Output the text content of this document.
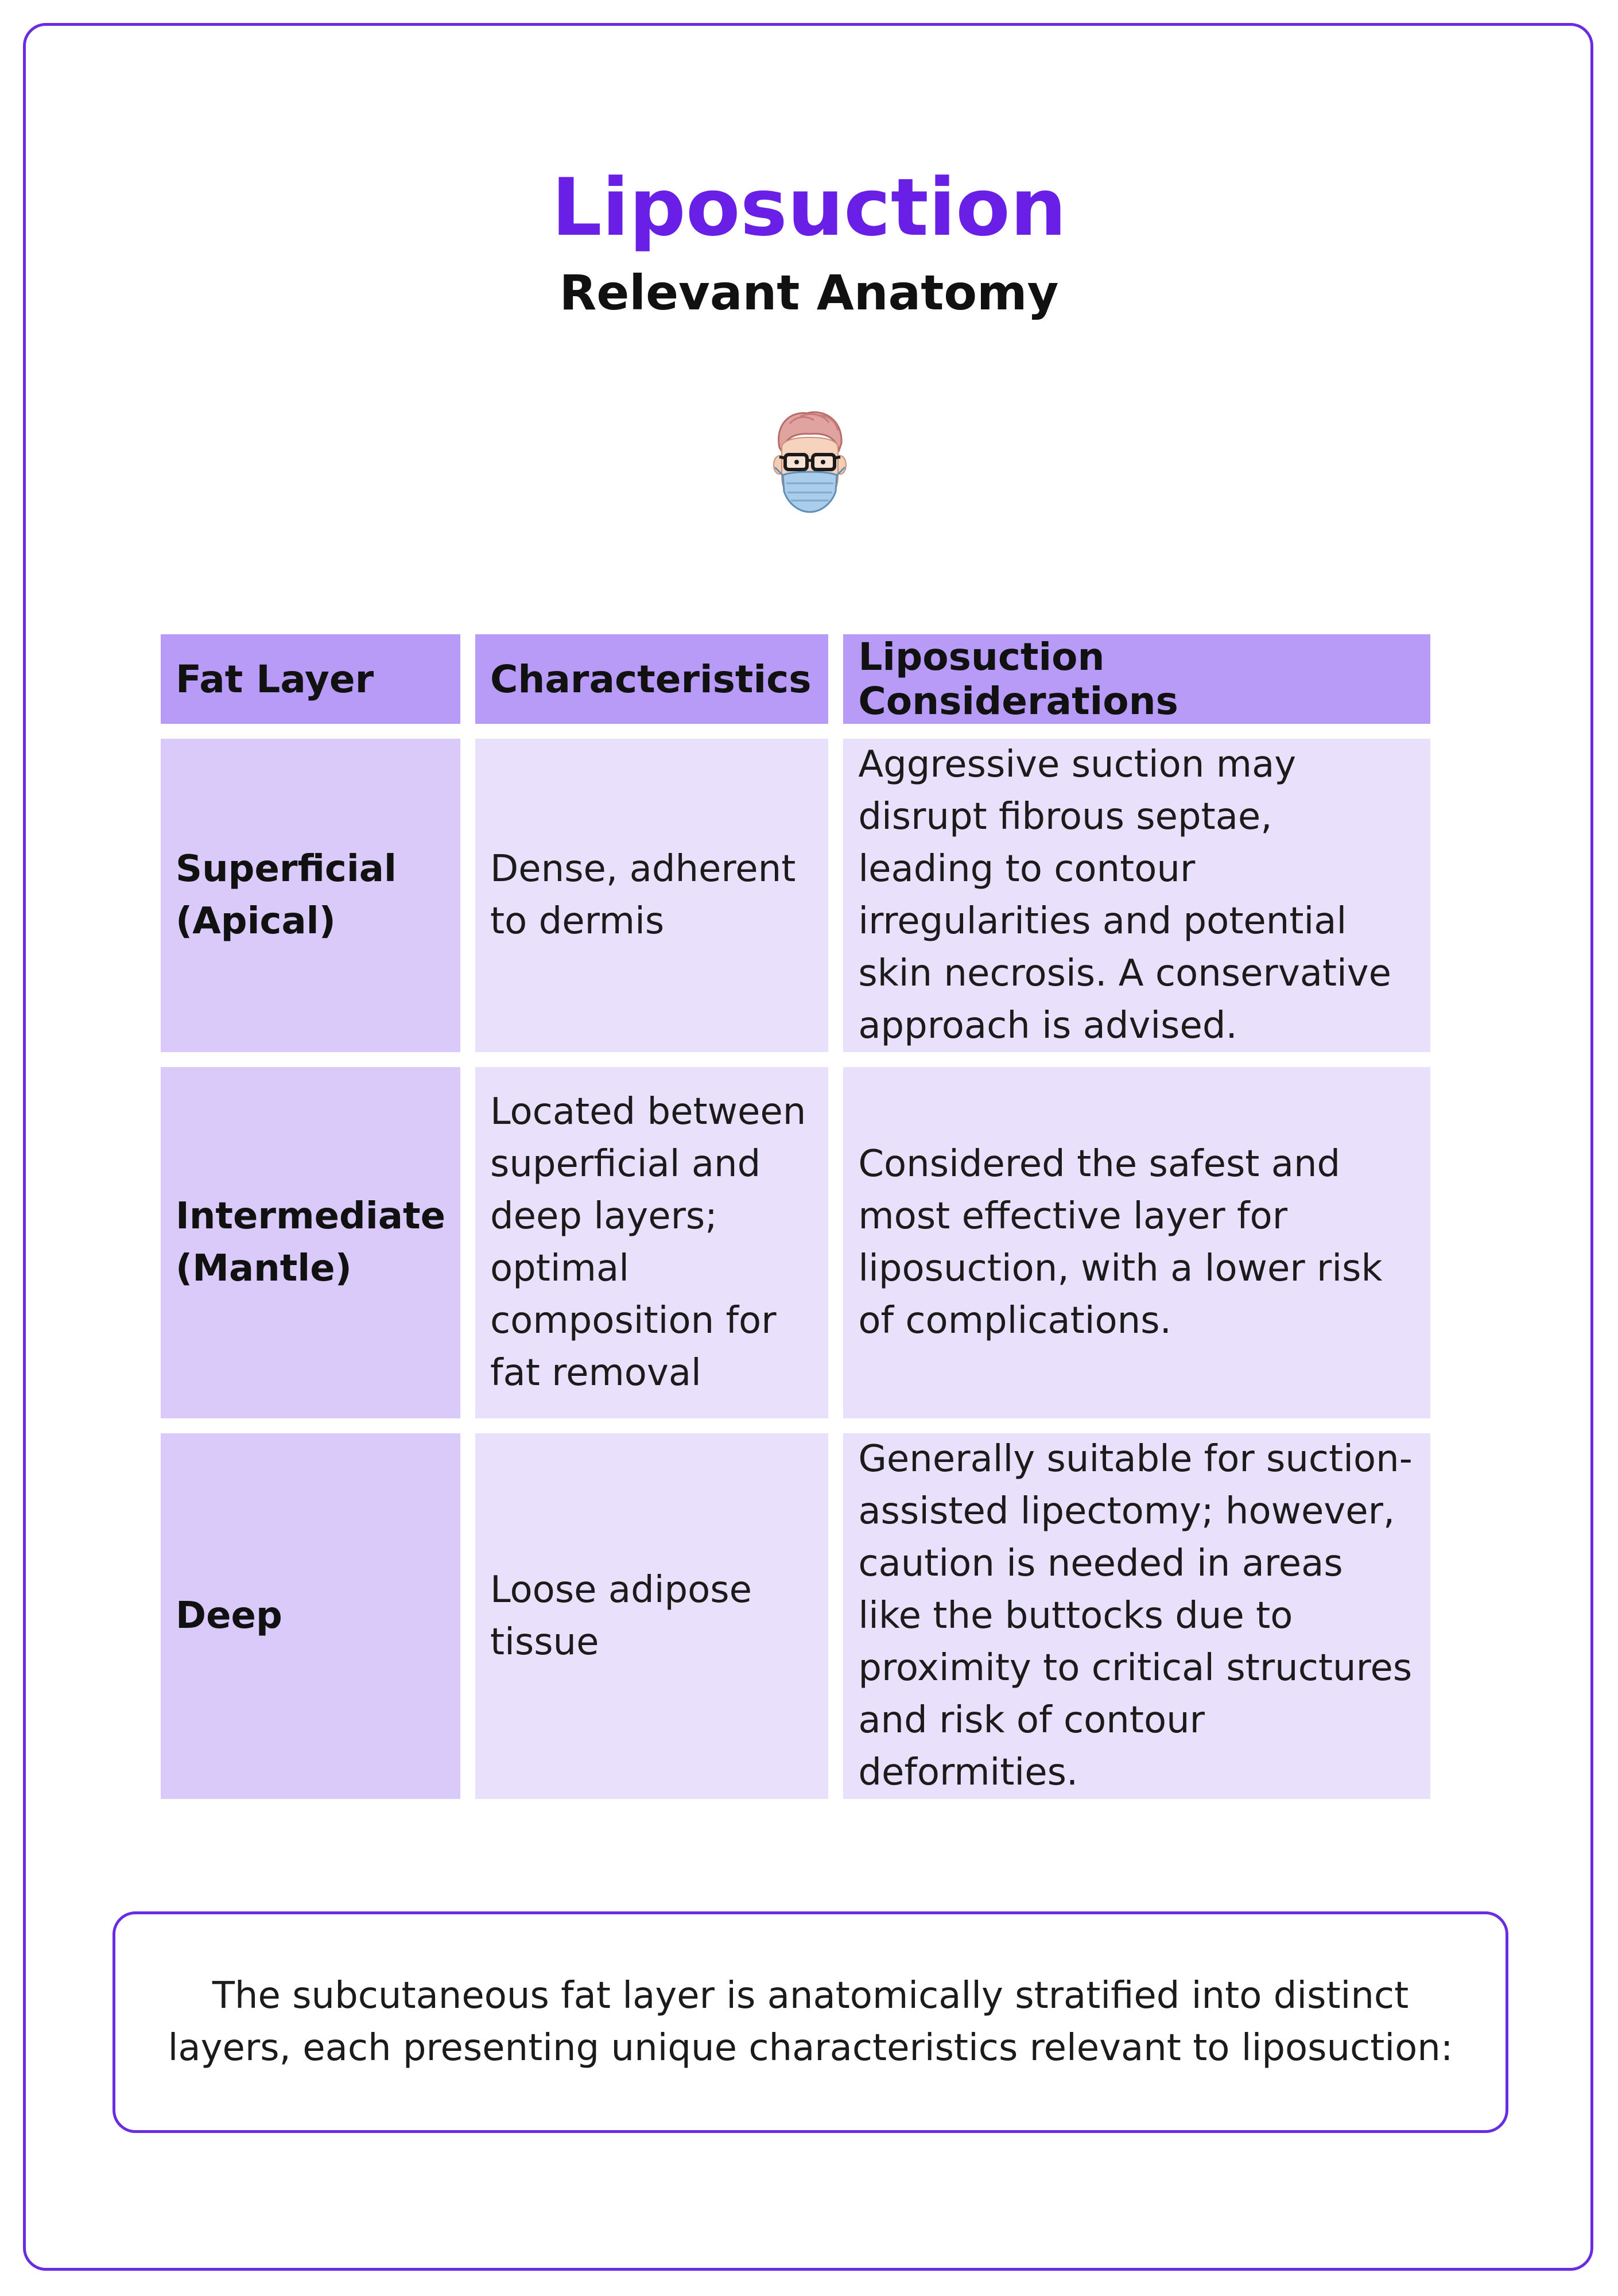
Liposuction
Relevant Anatomy
Fat Layer	Characteristics	Liposuction Considerations
Superficial (Apical)	Dense, adherent to dermis	Aggressive suction may disrupt fibrous septae, leading to contour irregularities and potential skin necrosis. A conservative approach is advised.
Intermediate (Mantle)	Located between superficial and deep layers; optimal composition for fat removal	Considered the safest and most effective layer for liposuction, with a lower risk of complications.
Deep	Loose adipose tissue	Generally suitable for suction-assisted lipectomy; however, caution is needed in areas like the buttocks due to proximity to critical structures and risk of contour deformities.

The subcutaneous fat layer is anatomically stratified into distinct layers, each presenting unique characteristics relevant to liposuction:
